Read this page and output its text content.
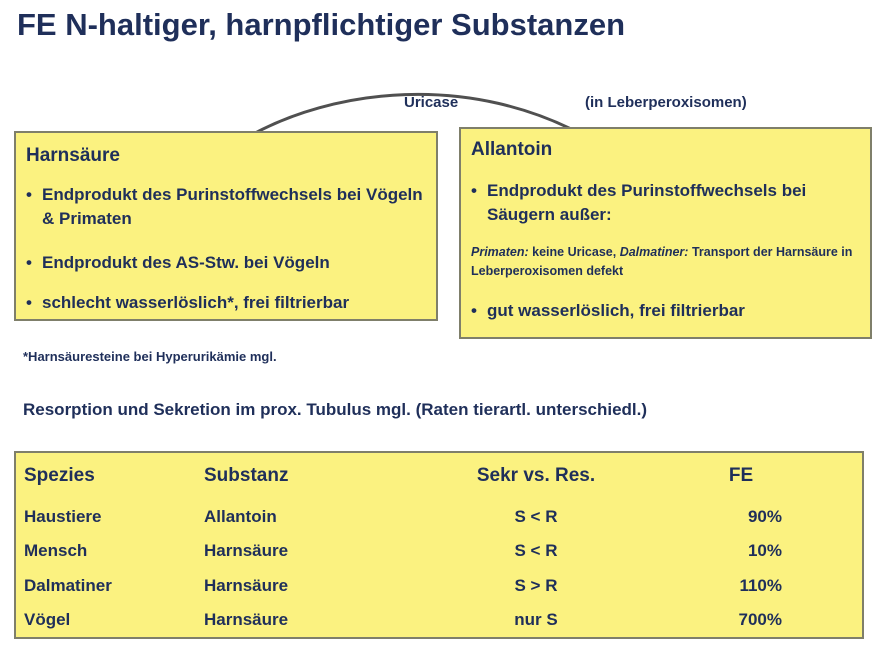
FE N-haltiger, harnpflichtiger Substanzen
Uricase	(in Leberperoxisomen)
Harnsäure
• Endprodukt des Purinstoffwechsels bei Vögeln & Primaten
• Endprodukt des AS-Stw. bei Vögeln
• schlecht wasserlöslich*, frei filtrierbar
Allantoin
• Endprodukt des Purinstoffwechsels bei Säugern außer:
Primaten: keine Uricase, Dalmatiner: Transport der Harnsäure in Leberperoxisomen defekt
• gut wasserlöslich, frei filtrierbar
*Harnsäuresteine bei Hyperurikämie mgl.
Resorption und Sekretion im prox. Tubulus mgl. (Raten tierartl. unterschiedl.)
Spezies	Substanz	Sekr vs. Res.	FE
Haustiere	Allantoin	S < R	90%
Mensch	Harnsäure	S < R	10%
Dalmatiner	Harnsäure	S > R	110%
Vögel	Harnsäure	nur S	700%
